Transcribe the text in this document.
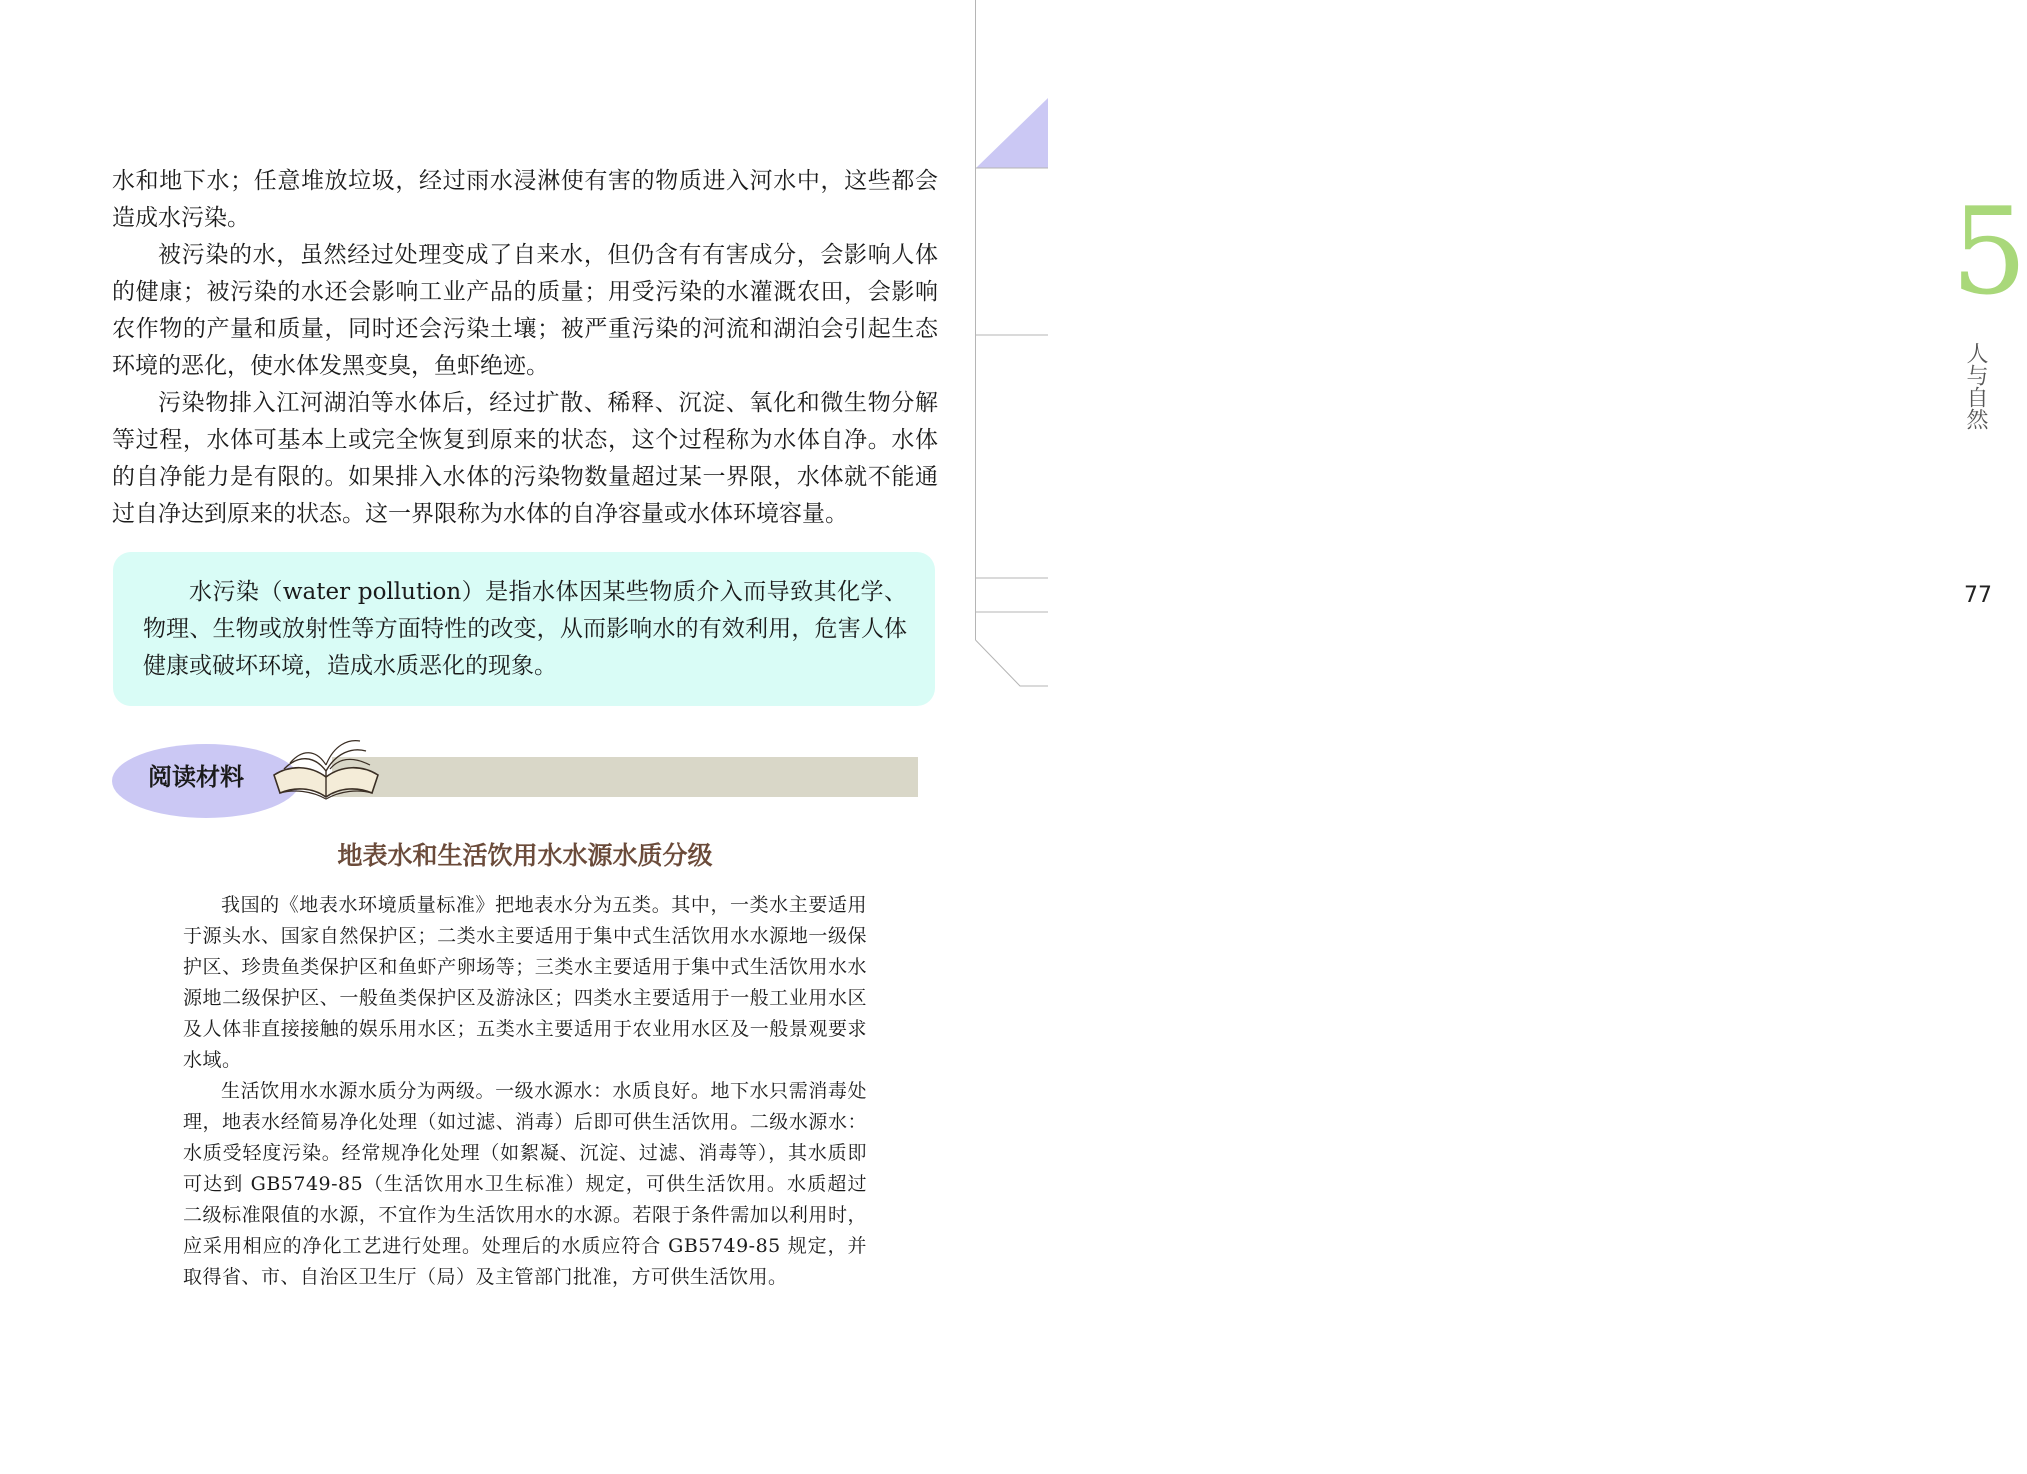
5
人与自然
77

水和地下水；任意堆放垃圾，经过雨水浸淋使有害的物质进入河水中，这些都会造成水污染。

被污染的水，虽然经过处理变成了自来水，但仍含有有害成分，会影响人体的健康；被污染的水还会影响工业产品的质量；用受污染的水灌溉农田，会影响农作物的产量和质量，同时还会污染土壤；被严重污染的河流和湖泊会引起生态环境的恶化，使水体发黑变臭，鱼虾绝迹。

污染物排入江河湖泊等水体后，经过扩散、稀释、沉淀、氧化和微生物分解等过程，水体可基本上或完全恢复到原来的状态，这个过程称为水体自净。水体的自净能力是有限的。如果排入水体的污染物数量超过某一界限，水体就不能通过自净达到原来的状态。这一界限称为水体的自净容量或水体环境容量。

水污染（water pollution）是指水体因某些物质介入而导致其化学、物理、生物或放射性等方面特性的改变，从而影响水的有效利用，危害人体健康或破坏环境，造成水质恶化的现象。

阅读材料
地表水和生活饮用水水源水质分级

我国的《地表水环境质量标准》把地表水分为五类。其中，一类水主要适用于源头水、国家自然保护区；二类水主要适用于集中式生活饮用水水源地一级保护区、珍贵鱼类保护区和鱼虾产卵场等；三类水主要适用于集中式生活饮用水水源地二级保护区、一般鱼类保护区及游泳区；四类水主要适用于一般工业用水区及人体非直接接触的娱乐用水区；五类水主要适用于农业用水区及一般景观要求水域。

生活饮用水水源水质分为两级。一级水源水：水质良好。地下水只需消毒处理，地表水经简易净化处理（如过滤、消毒）后即可供生活饮用。二级水源水：水质受轻度污染。经常规净化处理（如絮凝、沉淀、过滤、消毒等），其水质即可达到 GB5749-85（生活饮用水卫生标准）规定，可供生活饮用。水质超过二级标准限值的水源，不宜作为生活饮用水的水源。若限于条件需加以利用时，应采用相应的净化工艺进行处理。处理后的水质应符合 GB5749-85 规定，并取得省、市、自治区卫生厅（局）及主管部门批准，方可供生活饮用。
